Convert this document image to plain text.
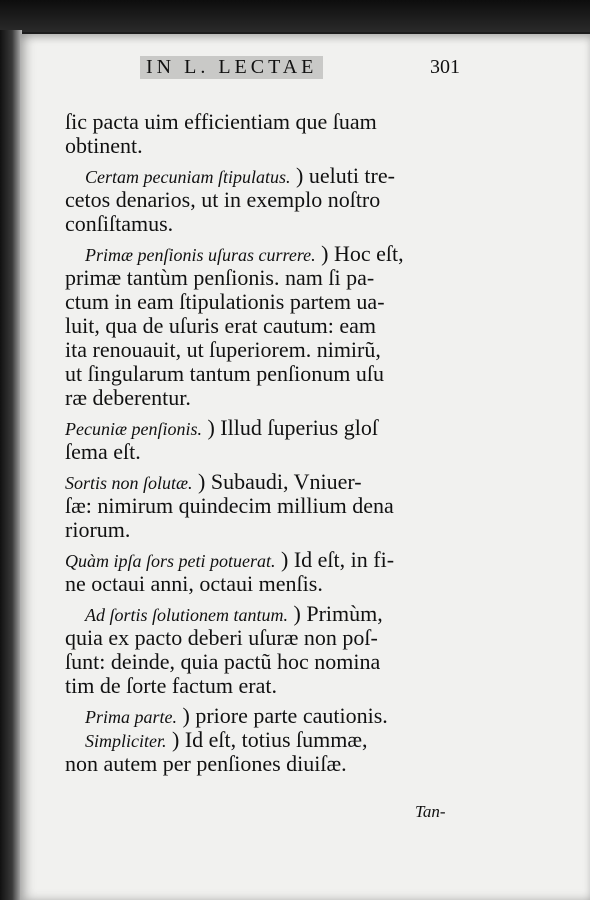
IN L. LECTAE	301
ſic pacta uim efficientiam que ſuam
obtinent.
Certam pecuniam ſtipulatus. ) ueluti tre-
cetos denarios, ut in exemplo noſtro
conſiſtamus.
Primæ penſionis uſuras currere. ) Hoc eſt,
primæ tantùm penſionis. nam ſi pa-
ctum in eam ſtipulationis partem ua-
luit, qua de uſuris erat cautum: eam
ita renouauit, ut ſuperiorem. nimirũ,
ut ſingularum tantum penſionum uſu
ræ deberentur.
Pecuniæ penſionis. ) Illud ſuperius gloſ
ſema eſt.
Sortis non ſolutæ. ) Subaudi, Vniuer-
ſæ: nimirum quindecim millium dena
riorum.
Quàm ipſa ſors peti potuerat. ) Id eſt, in fi-
ne octaui anni, octaui menſis.
Ad ſortis ſolutionem tantum. ) Primùm,
quia ex pacto deberi uſuræ non poſ-
ſunt: deinde, quia pactũ hoc nomina
tim de ſorte factum erat.
Prima parte. ) priore parte cautionis.
Simpliciter. ) Id eſt, totius ſummæ,
non autem per penſiones diuiſæ.
Tan-
